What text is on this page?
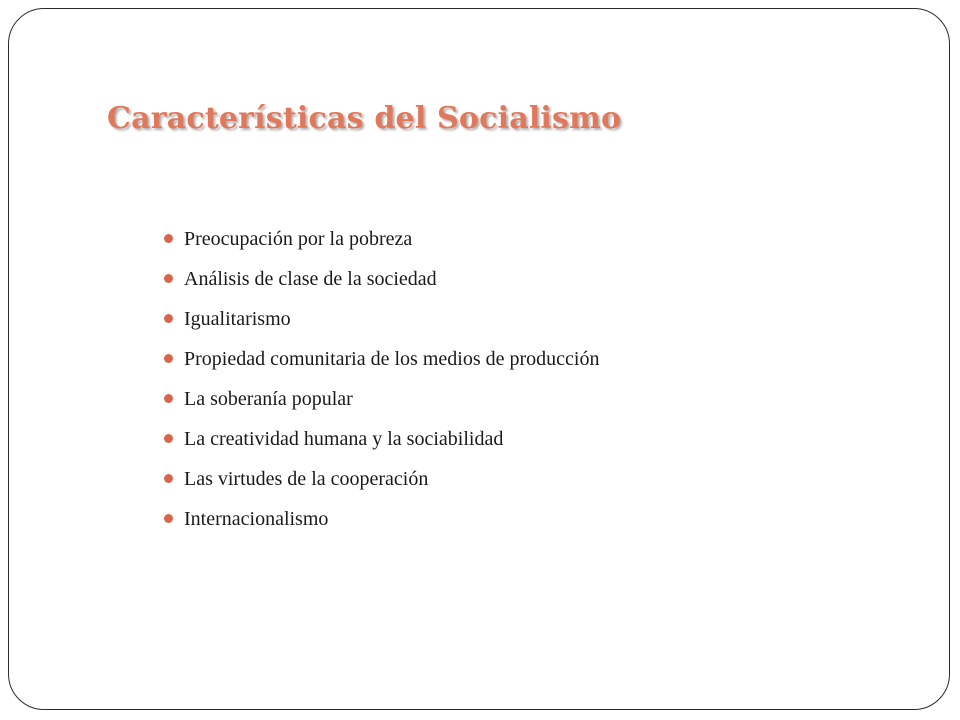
Características del Socialismo
Preocupación por la pobreza
Análisis de clase de la sociedad
Igualitarismo
Propiedad comunitaria de los medios de producción
La soberanía popular
La creatividad humana y la sociabilidad
Las virtudes de la cooperación
Internacionalismo
